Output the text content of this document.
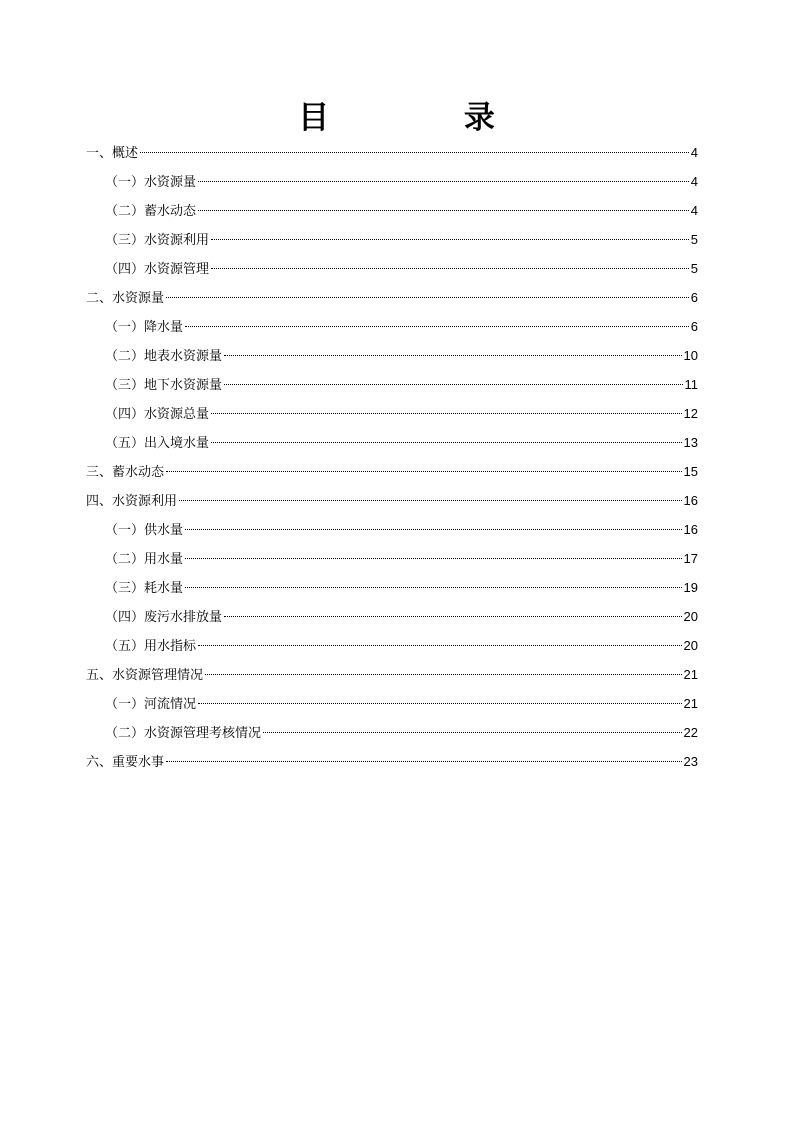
目 录
一、概述	4
（一）水资源量	4
（二）蓄水动态	4
（三）水资源利用	5
（四）水资源管理	5
二、水资源量	6
（一）降水量	6
（二）地表水资源量	10
（三）地下水资源量	11
（四）水资源总量	12
（五）出入境水量	13
三、蓄水动态	15
四、水资源利用	16
（一）供水量	16
（二）用水量	17
（三）耗水量	19
（四）废污水排放量	20
（五）用水指标	20
五、水资源管理情况	21
（一）河流情况	21
（二）水资源管理考核情况	22
六、重要水事	23
